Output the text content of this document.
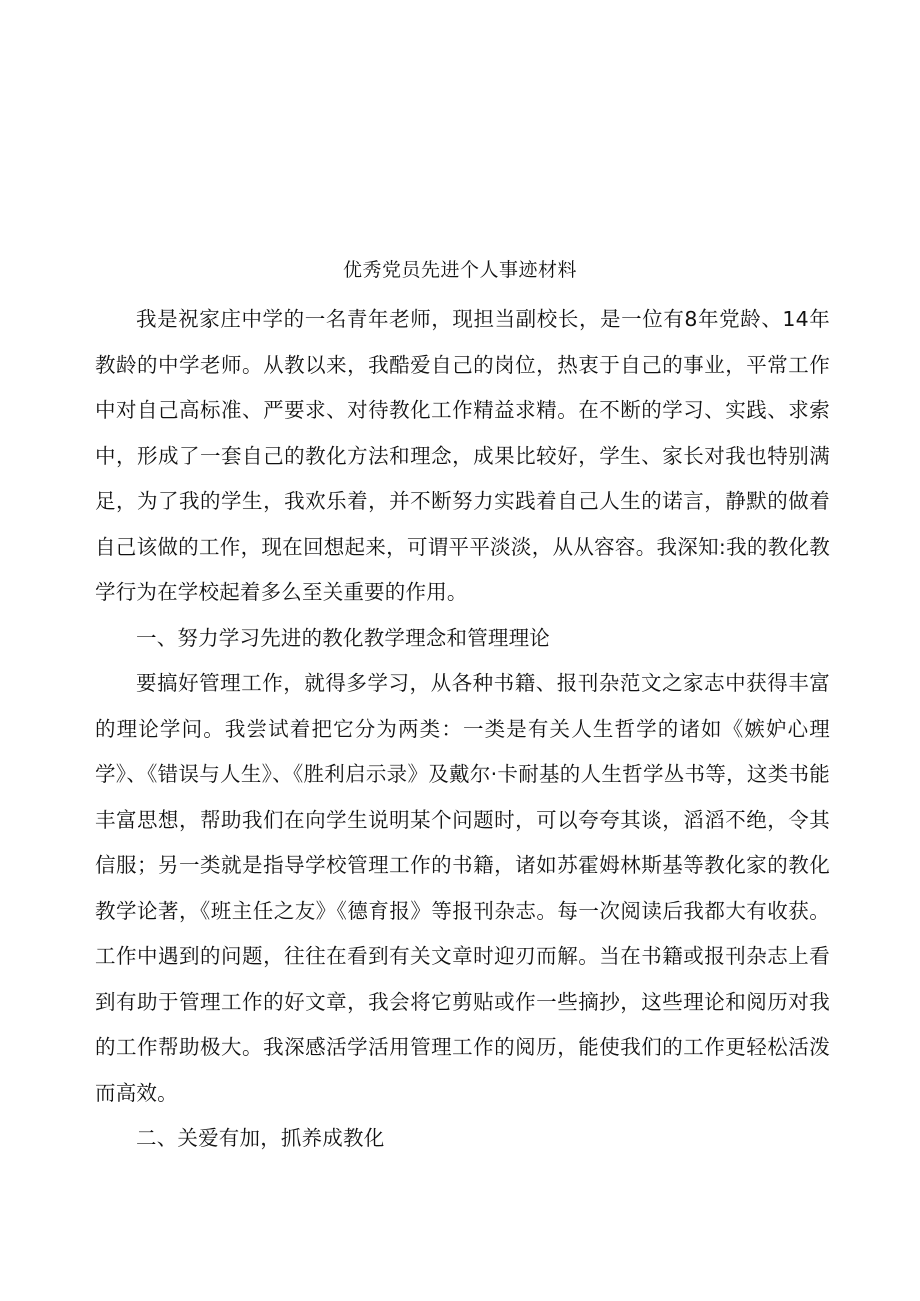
优秀党员先进个人事迹材料

我是祝家庄中学的一名青年老师，现担当副校长，是一位有8年党龄、14年教龄的中学老师。从教以来，我酷爱自己的岗位，热衷于自己的事业，平常工作中对自己高标准、严要求、对待教化工作精益求精。在不断的学习、实践、求索中，形成了一套自己的教化方法和理念，成果比较好，学生、家长对我也特别满足，为了我的学生，我欢乐着，并不断努力实践着自己人生的诺言，静默的做着自己该做的工作，现在回想起来，可谓平平淡淡，从从容容。我深知:我的教化教学行为在学校起着多么至关重要的作用。

一、努力学习先进的教化教学理念和管理理论

要搞好管理工作，就得多学习，从各种书籍、报刊杂范文之家志中获得丰富的理论学问。我尝试着把它分为两类：一类是有关人生哲学的诸如《嫉妒心理学》、《错误与人生》、《胜利启示录》及戴尔·卡耐基的人生哲学丛书等，这类书能丰富思想，帮助我们在向学生说明某个问题时，可以夸夸其谈，滔滔不绝，令其信服；另一类就是指导学校管理工作的书籍，诸如苏霍姆林斯基等教化家的教化教学论著，《班主任之友》《德育报》等报刊杂志。每一次阅读后我都大有收获。工作中遇到的问题，往往在看到有关文章时迎刃而解。当在书籍或报刊杂志上看到有助于管理工作的好文章，我会将它剪贴或作一些摘抄，这些理论和阅历对我的工作帮助极大。我深感活学活用管理工作的阅历，能使我们的工作更轻松活泼而高效。

二、关爱有加，抓养成教化
